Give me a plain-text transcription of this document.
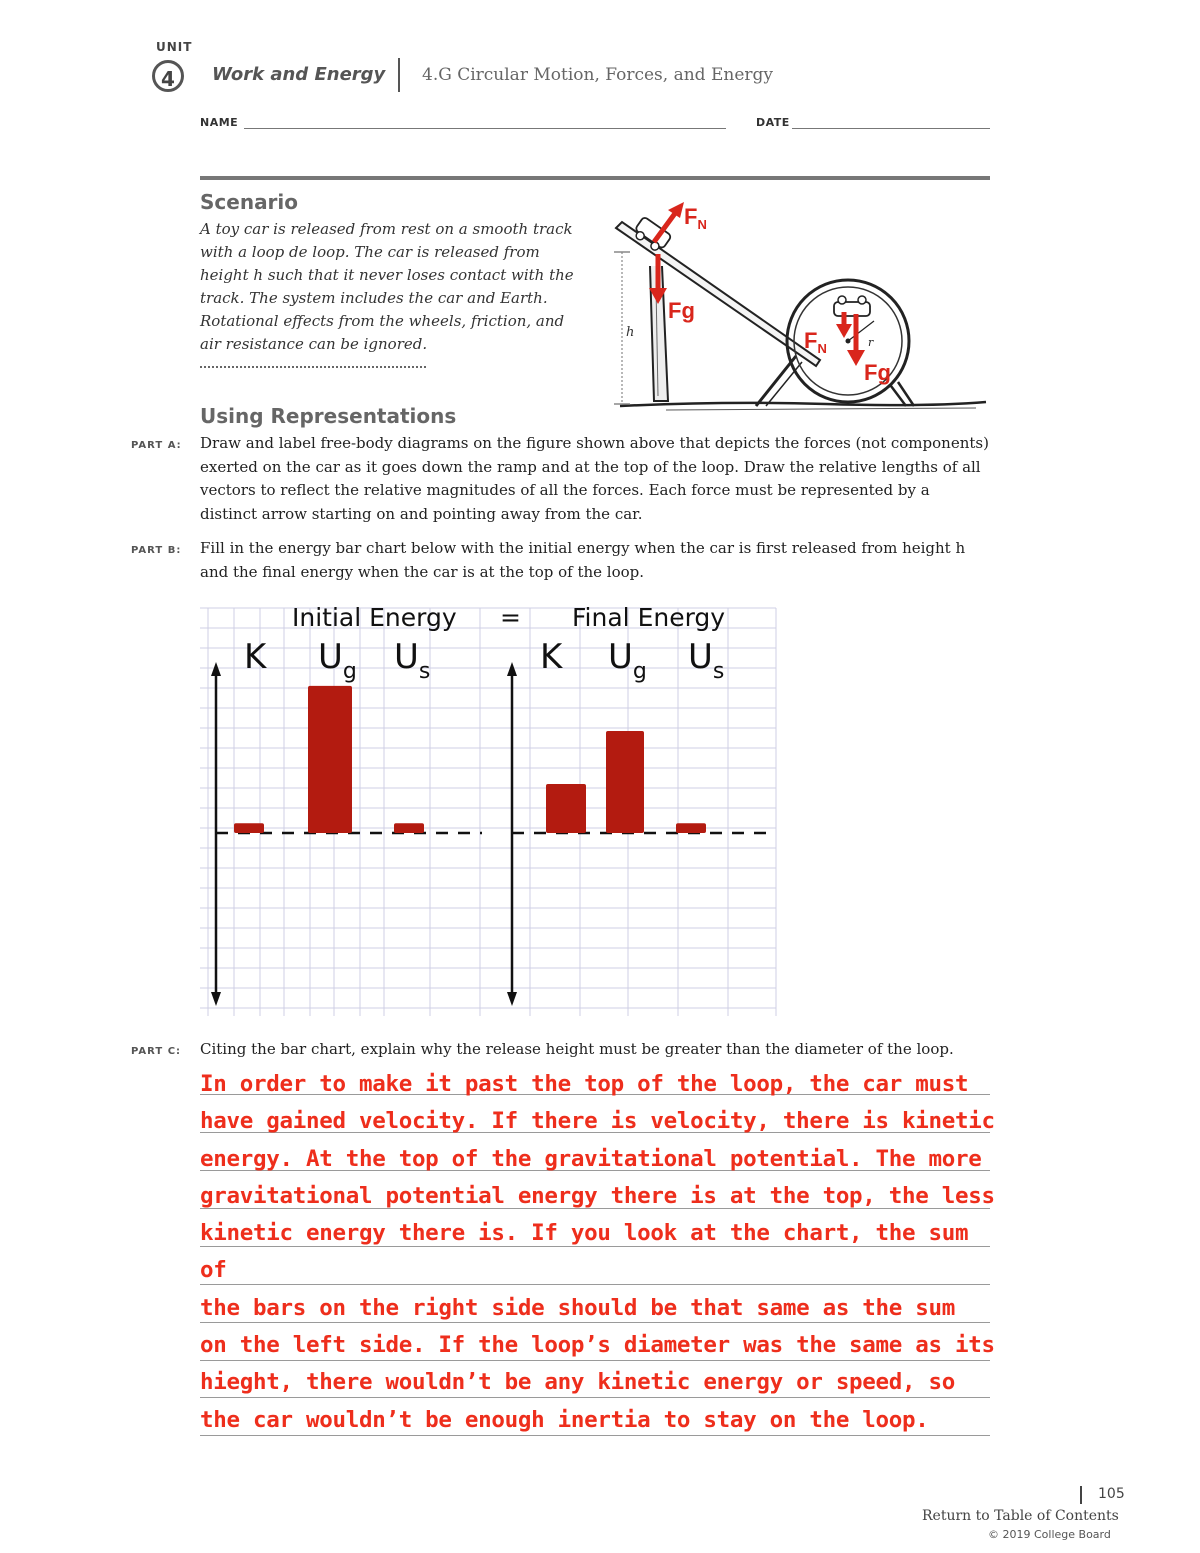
UNIT
4	Work and Energy 4.G Circular Motion, Forces, and Energy
NAME	DATE
Scenario
A toy car is released from rest on a smooth track with a loop de loop. The car is released from height h such that it never loses contact with the track. The system includes the car and Earth. Rotational effects from the wheels, friction, and air resistance can be ignored.	r
h
$F_N$
Fg
$F_N$
Fg
Using Representations
PART A: Draw and label free-body diagrams on the figure shown above that depicts the forces (not components) exerted on the car as it goes down the ramp and at the top of the loop. Draw the relative lengths of all vectors to reflect the relative magnitudes of all the forces. Each force must be represented by a distinct arrow starting on and pointing away from the car.
PART B: Fill in the energy bar chart below with the initial energy when the car is first released from height h and the final energy when the car is at the top of the loop.
Initial Energy = Final Energy
K $U_g$ $U_s$	K $U_g$ $U_s$
PART C: Citing the bar chart, explain why the release height must be greater than the diameter of the loop.
In order to make it past the top of the loop, the car must
have gained velocity. If there is velocity, there is kinetic
energy. At the top of the gravitational potential. The more
gravitational potential energy there is at the top, the less
kinetic energy there is. If you look at the chart, the sum of
the bars on the right side should be that same as the sum
on the left side. If the loop’s diameter was the same as its
hieght, there wouldn’t be any kinetic energy or speed, so
the car wouldn’t be enough inertia to stay on the loop.
105
Return to Table of Contents
© 2019 College Board
